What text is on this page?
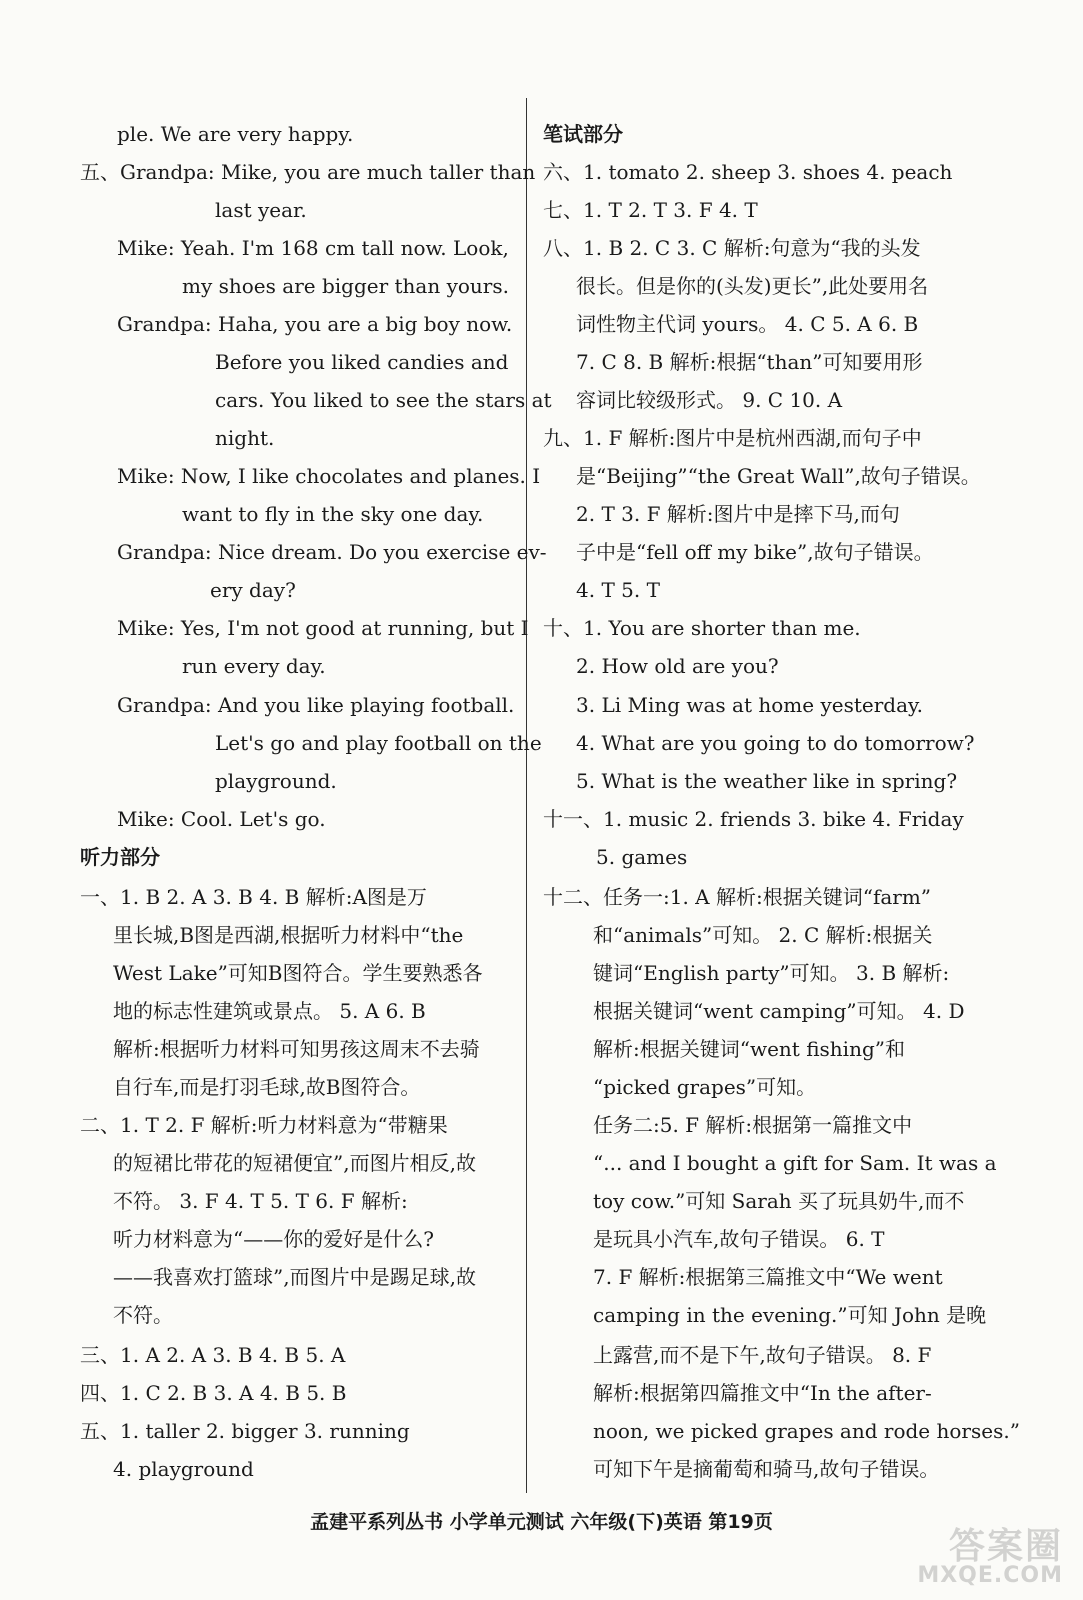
ple. We are very happy.
五、Grandpa: Mike, you are much taller than
last year.
Mike: Yeah. I'm 168 cm tall now. Look,
my shoes are bigger than yours.
Grandpa: Haha, you are a big boy now.
Before you liked candies and
cars. You liked to see the stars at
night.
Mike: Now, I like chocolates and planes. I
want to fly in the sky one day.
Grandpa: Nice dream. Do you exercise ev-
ery day?
Mike: Yes, I'm not good at running, but I
run every day.
Grandpa: And you like playing football.
Let's go and play football on the
playground.
Mike: Cool. Let's go.
听力部分
一、1. B 2. A 3. B 4. B 解析:A图是万
里长城,B图是西湖,根据听力材料中“the
West Lake”可知B图符合。学生要熟悉各
地的标志性建筑或景点。 5. A 6. B
解析:根据听力材料可知男孩这周末不去骑
自行车,而是打羽毛球,故B图符合。
二、1. T 2. F 解析:听力材料意为“带糖果
的短裙比带花的短裙便宜”,而图片相反,故
不符。 3. F 4. T 5. T 6. F 解析:
听力材料意为“——你的爱好是什么?
——我喜欢打篮球”,而图片中是踢足球,故
不符。
三、1. A 2. A 3. B 4. B 5. A
四、1. C 2. B 3. A 4. B 5. B
五、1. taller 2. bigger 3. running
4. playground
笔试部分
六、1. tomato 2. sheep 3. shoes 4. peach
七、1. T 2. T 3. F 4. T
八、1. B 2. C 3. C 解析:句意为“我的头发
很长。但是你的(头发)更长”,此处要用名
词性物主代词 yours。 4. C 5. A 6. B
7. C 8. B 解析:根据“than”可知要用形
容词比较级形式。 9. C 10. A
九、1. F 解析:图片中是杭州西湖,而句子中
是“Beijing”“the Great Wall”,故句子错误。
2. T 3. F 解析:图片中是摔下马,而句
子中是“fell off my bike”,故句子错误。
4. T 5. T
十、1. You are shorter than me.
2. How old are you?
3. Li Ming was at home yesterday.
4. What are you going to do tomorrow?
5. What is the weather like in spring?
十一、1. music 2. friends 3. bike 4. Friday
5. games
十二、任务一:1. A 解析:根据关键词“farm”
和“animals”可知。 2. C 解析:根据关
键词“English party”可知。 3. B 解析:
根据关键词“went camping”可知。 4. D
解析:根据关键词“went fishing”和
“picked grapes”可知。
任务二:5. F 解析:根据第一篇推文中
“... and I bought a gift for Sam. It was a
toy cow.”可知 Sarah 买了玩具奶牛,而不
是玩具小汽车,故句子错误。 6. T
7. F 解析:根据第三篇推文中“We went
camping in the evening.”可知 John 是晚
上露营,而不是下午,故句子错误。 8. F
解析:根据第四篇推文中“In the after-
noon, we picked grapes and rode horses.”
可知下午是摘葡萄和骑马,故句子错误。
孟建平系列丛书 小学单元测试 六年级(下)英语 第19页
答案圈
MXQE.COM
